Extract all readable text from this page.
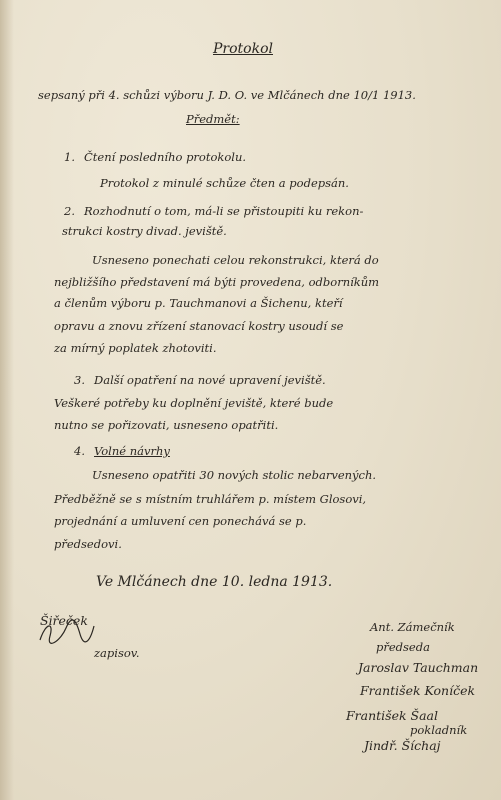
Protokol
sepsaný při 4. schůzi výboru J. D. O. ve Mlčánech dne 10/1 1913.
Předmět:
1. Čtení posledního protokolu.
Protokol z minulé schůze čten a podepsán.
2. Rozhodnutí o tom, má-li se přistoupiti ku rekon-
strukci kostry divad. jeviště.
Usneseno ponechati celou rekonstrukci, která do
nejbližšího představení má býti provedena, odborníkům
a členům výboru p. Tauchmanovi a Šichenu, kteří
opravu a znovu zřízení stanovací kostry usoudí se
za mírný poplatek zhotoviti.
3. Další opatření na nové upravení jeviště.
Veškeré potřeby ku doplnění jeviště, které bude
nutno se pořizovati, usneseno opatřiti.
4. Volné návrhy
Usneseno opatřiti 30 nových stolic nebarvených.
Předběžně se s místním truhlářem p. místem Glosovi,
projednání a umluvení cen ponechává se p.
předsedovi.
Ve Mlčánech dne 10. ledna 1913.
Šiřeček
zapisov.
Ant. Zámečník
předseda
Jaroslav Tauchman
František Koníček
František Šaal
pokladník
Jindř. Šíchaj
